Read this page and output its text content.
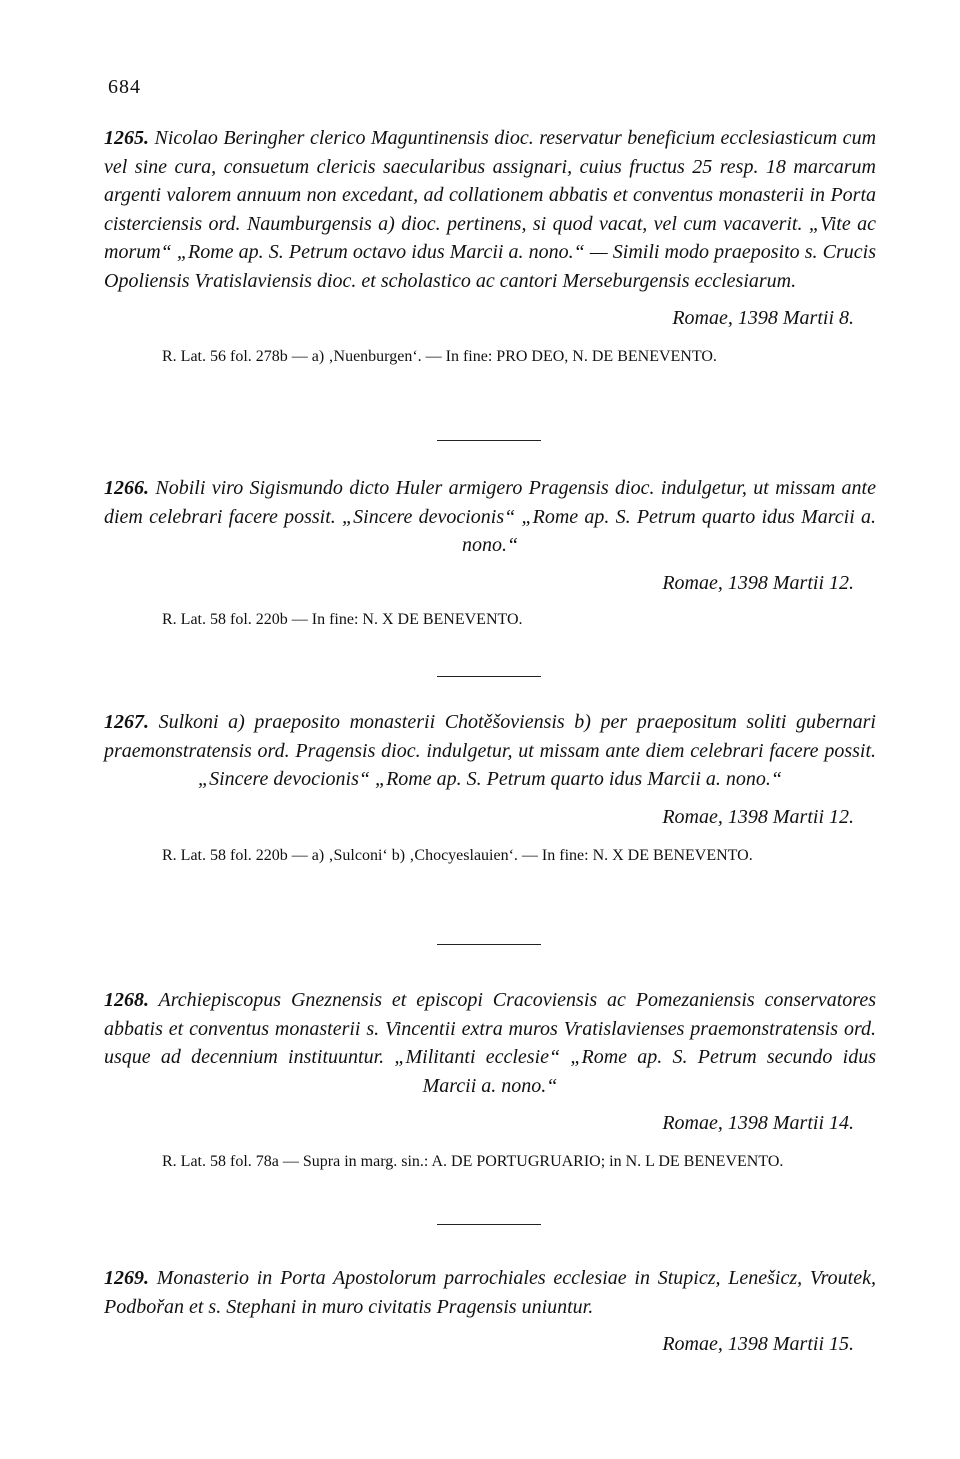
684

1265. Nicolao Beringher clerico Maguntinensis dioc. reservatur beneficium ecclesiasticum cum vel sine cura, consuetum clericis saecularibus assignari, cuius fructus 25 resp. 18 marcarum argenti valorem annuum non excedant, ad collationem abbatis et conventus monasterii in Porta cisterciensis ord. Naumburgensis a) dioc. pertinens, si quod vacat, vel cum vacaverit. „Vite ac morum“ „Rome ap. S. Petrum octavo idus Marcii a. nono.“ — Simili modo praeposito s. Crucis Opoliensis Vratislaviensis dioc. et scholastico ac cantori Merseburgensis ecclesiarum.

Romae, 1398 Martii 8.

R. Lat. 56 fol. 278b — a) ‚Nuenburgen‘. — In fine: PRO DEO, N. DE BENEVENTO.

1266. Nobili viro Sigismundo dicto Huler armigero Pragensis dioc. indulgetur, ut missam ante diem celebrari facere possit. „Sincere devocionis“ „Rome ap. S. Petrum quarto idus Marcii a. nono.“

Romae, 1398 Martii 12.

R. Lat. 58 fol. 220b — In fine: N. X DE BENEVENTO.

1267. Sulkoni a) praeposito monasterii Chotěšoviensis b) per praepositum soliti gubernari praemonstratensis ord. Pragensis dioc. indulgetur, ut missam ante diem celebrari facere possit. „Sincere devocionis“ „Rome ap. S. Petrum quarto idus Marcii a. nono.“

Romae, 1398 Martii 12.

R. Lat. 58 fol. 220b — a) ‚Sulconi‘ b) ‚Chocyeslauien‘. — In fine: N. X DE BENEVENTO.

1268. Archiepiscopus Gneznensis et episcopi Cracoviensis ac Pomezaniensis conservatores abbatis et conventus monasterii s. Vincentii extra muros Vratislavienses praemonstratensis ord. usque ad decennium instituuntur. „Militanti ecclesie“ „Rome ap. S. Petrum secundo idus Marcii a. nono.“

Romae, 1398 Martii 14.

R. Lat. 58 fol. 78a — Supra in marg. sin.: A. DE PORTUGRUARIO; in N. L DE BENEVENTO.

1269. Monasterio in Porta Apostolorum parrochiales ecclesiae in Stupicz, Lenešicz, Vroutek, Podbořan et s. Stephani in muro civitatis Pragensis uniuntur.

Romae, 1398 Martii 15.
